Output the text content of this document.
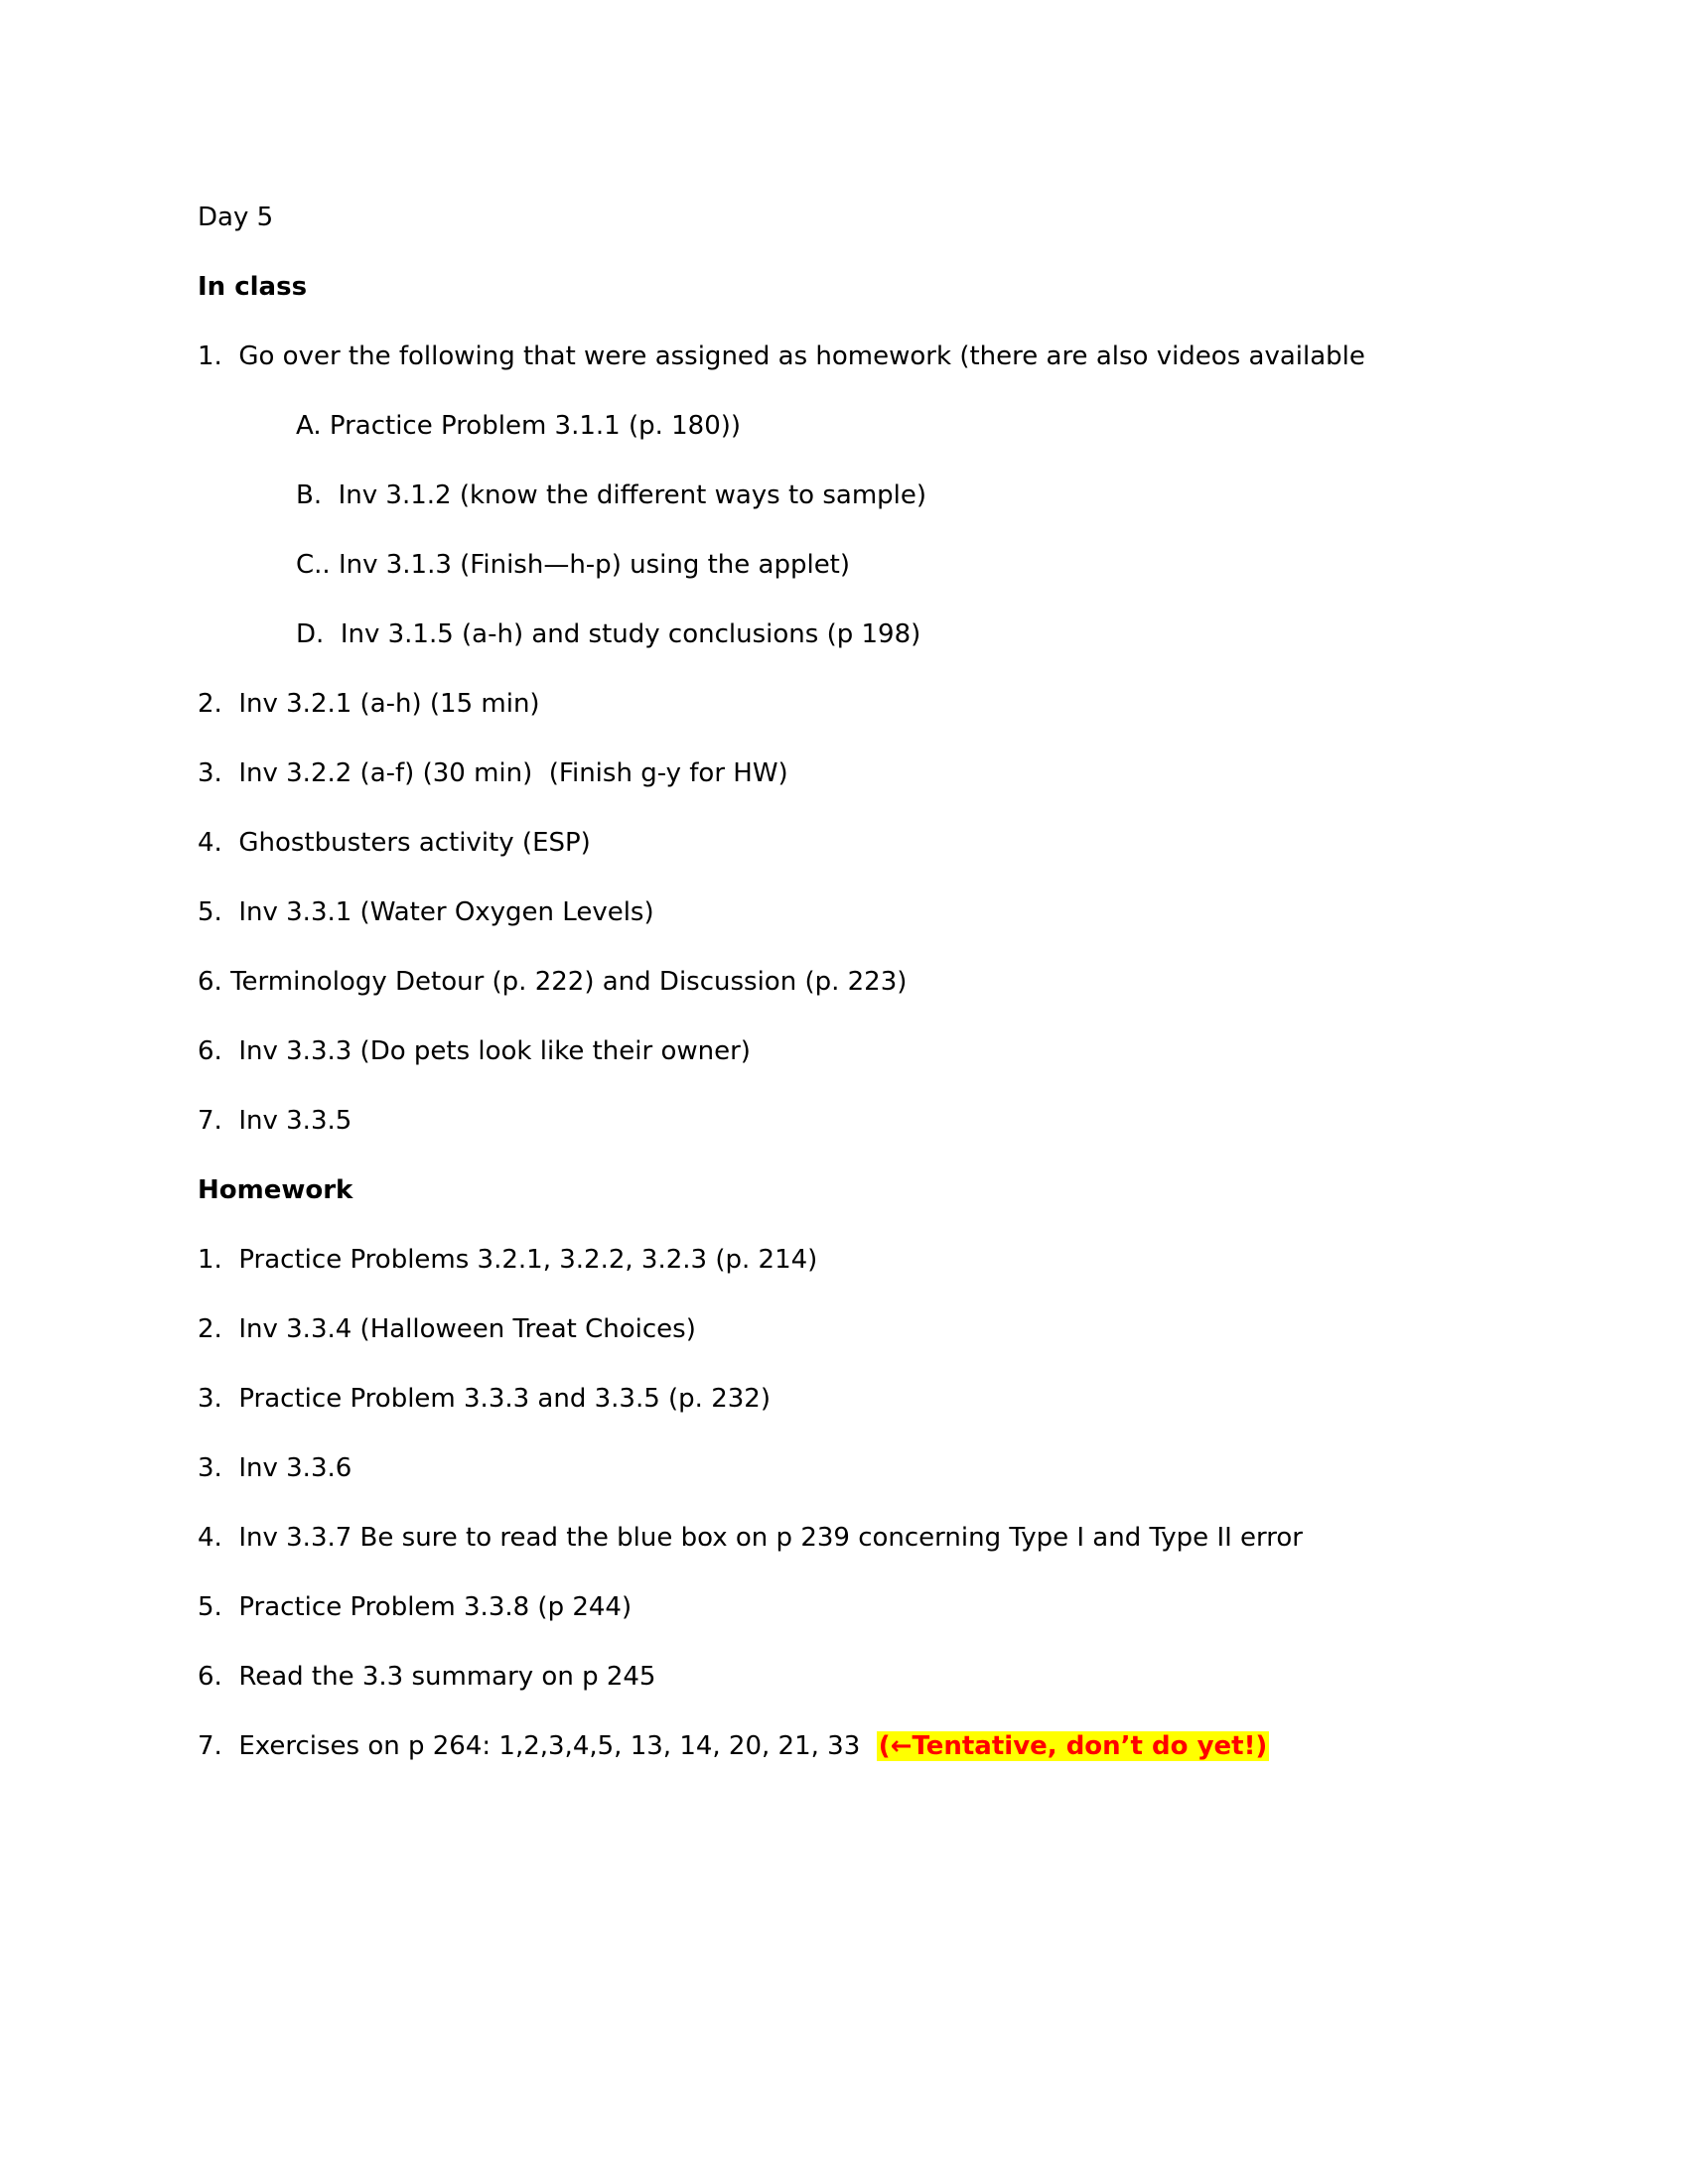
Day 5
In class
1.  Go over the following that were assigned as homework (there are also videos available
A. Practice Problem 3.1.1 (p. 180))
B.  Inv 3.1.2 (know the different ways to sample)
C.. Inv 3.1.3 (Finish—h-p) using the applet)
D.  Inv 3.1.5 (a-h) and study conclusions (p 198)
2.  Inv 3.2.1 (a-h) (15 min)
3.  Inv 3.2.2 (a-f) (30 min)  (Finish g-y for HW)
4.  Ghostbusters activity (ESP)
5.  Inv 3.3.1 (Water Oxygen Levels)
6. Terminology Detour (p. 222) and Discussion (p. 223)
6.  Inv 3.3.3 (Do pets look like their owner)
7.  Inv 3.3.5
Homework
1.  Practice Problems 3.2.1, 3.2.2, 3.2.3 (p. 214)
2.  Inv 3.3.4 (Halloween Treat Choices)
3.  Practice Problem 3.3.3 and 3.3.5 (p. 232)
3.  Inv 3.3.6
4.  Inv 3.3.7 Be sure to read the blue box on p 239 concerning Type I and Type II error
5.  Practice Problem 3.3.8 (p 244)
6.  Read the 3.3 summary on p 245
7.  Exercises on p 264: 1,2,3,4,5, 13, 14, 20, 21, 33  (←Tentative, don’t do yet!)
